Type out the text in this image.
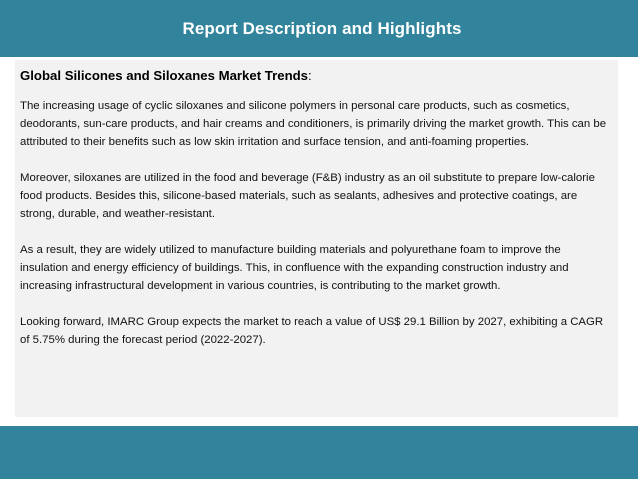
Report Description and Highlights

Global Silicones and Siloxanes Market Trends:

The increasing usage of cyclic siloxanes and silicone polymers in personal care products, such as cosmetics, deodorants, sun-care products, and hair creams and conditioners, is primarily driving the market growth. This can be attributed to their benefits such as low skin irritation and surface tension, and anti-foaming properties.

Moreover, siloxanes are utilized in the food and beverage (F&B) industry as an oil substitute to prepare low-calorie food products. Besides this, silicone-based materials, such as sealants, adhesives and protective coatings, are strong, durable, and weather-resistant.

As a result, they are widely utilized to manufacture building materials and polyurethane foam to improve the insulation and energy efficiency of buildings. This, in confluence with the expanding construction industry and increasing infrastructural development in various countries, is contributing to the market growth.

Looking forward, IMARC Group expects the market to reach a value of US$ 29.1 Billion by 2027, exhibiting a CAGR of 5.75% during the forecast period (2022-2027).
